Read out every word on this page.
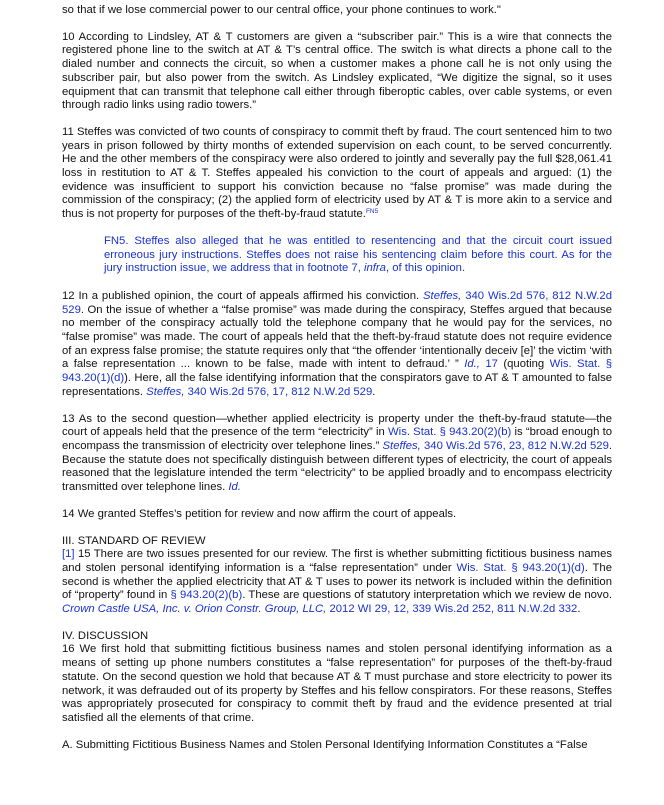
so that if we lose commercial power to our central office, your phone continues to work."

10 According to Lindsley, AT & T customers are given a “subscriber pair.” This is a wire that connects the registered phone line to the switch at AT & T’s central office. The switch is what directs a phone call to the dialed number and connects the circuit, so when a customer makes a phone call he is not only using the subscriber pair, but also power from the switch. As Lindsley explicated, “We digitize the signal, so it uses equipment that can transmit that telephone call either through fiberoptic cables, over cable systems, or even through radio links using radio towers.”

11 Steffes was convicted of two counts of conspiracy to commit theft by fraud. The court sentenced him to two years in prison followed by thirty months of extended supervision on each count, to be served concurrently. He and the other members of the conspiracy were also ordered to jointly and severally pay the full $28,061.41 loss in restitution to AT & T. Steffes appealed his conviction to the court of appeals and argued: (1) the evidence was insufficient to support his conviction because no “false promise” was made during the commission of the conspiracy; (2) the applied form of electricity used by AT & T is more akin to a service and thus is not property for purposes of the theft-by-fraud statute.$^{FN5}$

FN5. Steffes also alleged that he was entitled to resentencing and that the circuit court issued erroneous jury instructions. Steffes does not raise his sentencing claim before this court. As for the jury instruction issue, we address that in footnote 7, infra, of this opinion.

12 In a published opinion, the court of appeals affirmed his conviction. Steffes, 340 Wis.2d 576, 812 N.W.2d 529. On the issue of whether a “false promise” was made during the conspiracy, Steffes argued that because no member of the conspiracy actually told the telephone company that he would pay for the services, no “false promise” was made. The court of appeals held that the theft-by-fraud statute does not require evidence of an express false promise; the statute requires only that “the offender ‘intentionally deceiv [e]’ the victim ‘with a false representation ... known to be false, made with intent to defraud.’ ” Id., 17 (quoting Wis. Stat. § 943.20(1)(d)). Here, all the false identifying information that the conspirators gave to AT & T amounted to false representations. Steffes, 340 Wis.2d 576, 17, 812 N.W.2d 529.

13 As to the second question—whether applied electricity is property under the theft-by-fraud statute—the court of appeals held that the presence of the term “electricity” in Wis. Stat. § 943.20(2)(b) is “broad enough to encompass the transmission of electricity over telephone lines.” Steffes, 340 Wis.2d 576, 23, 812 N.W.2d 529. Because the statute does not specifically distinguish between different types of electricity, the court of appeals reasoned that the legislature intended the term “electricity” to be applied broadly and to encompass electricity transmitted over telephone lines. Id.

14 We granted Steffes’s petition for review and now affirm the court of appeals.

III. STANDARD OF REVIEW

[1] 15 There are two issues presented for our review. The first is whether submitting fictitious business names and stolen personal identifying information is a “false representation” under Wis. Stat. § 943.20(1)(d). The second is whether the applied electricity that AT & T uses to power its network is included within the definition of “property” found in § 943.20(2)(b). These are questions of statutory interpretation which we review de novo. Crown Castle USA, Inc. v. Orion Constr. Group, LLC, 2012 WI 29, 12, 339 Wis.2d 252, 811 N.W.2d 332.

IV. DISCUSSION

16 We first hold that submitting fictitious business names and stolen personal identifying information as a means of setting up phone numbers constitutes a “false representation” for purposes of the theft-by-fraud statute. On the second question we hold that because AT & T must purchase and store electricity to power its network, it was defrauded out of its property by Steffes and his fellow conspirators. For these reasons, Steffes was appropriately prosecuted for conspiracy to commit theft by fraud and the evidence presented at trial satisfied all the elements of that crime.

A. Submitting Fictitious Business Names and Stolen Personal Identifying Information Constitutes a “False
